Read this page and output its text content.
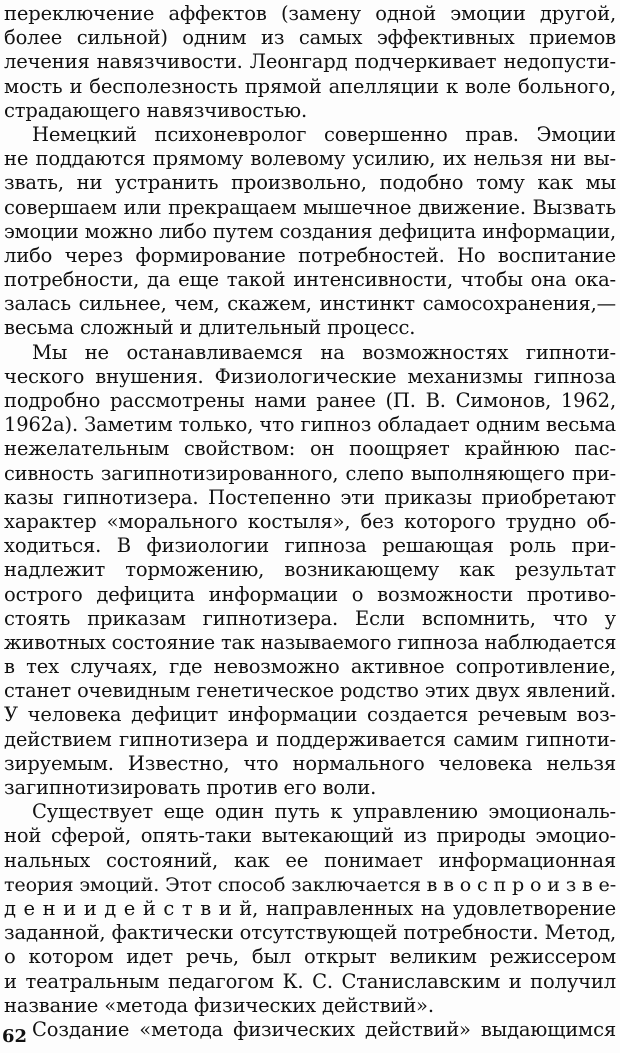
переключение аффектов (замену одной эмоции другой,
более сильной) одним из самых эффективных приемов
лечения навязчивости. Леонгард подчеркивает недопусти-
мость и бесполезность прямой апелляции к воле больного,
страдающего навязчивостью.
Немецкий психоневролог совершенно прав. Эмоции
не поддаются прямому волевому усилию, их нельзя ни вы-
звать, ни устранить произвольно, подобно тому как мы
совершаем или прекращаем мышечное движение. Вызвать
эмоции можно либо путем создания дефицита информации,
либо через формирование потребностей. Но воспитание
потребности, да еще такой интенсивности, чтобы она ока-
залась сильнее, чем, скажем, инстинкт самосохранения,—
весьма сложный и длительный процесс.
Мы не останавливаемся на возможностях гипноти-
ческого внушения. Физиологические механизмы гипноза
подробно рассмотрены нами ранее (П. В. Симонов, 1962,
1962а). Заметим только, что гипноз обладает одним весьма
нежелательным свойством: он поощряет крайнюю пас-
сивность загипнотизированного, слепо выполняющего при-
казы гипнотизера. Постепенно эти приказы приобретают
характер «морального костыля», без которого трудно об-
ходиться. В физиологии гипноза решающая роль при-
надлежит торможению, возникающему как результат
острого дефицита информации о возможности противо-
стоять приказам гипнотизера. Если вспомнить, что у
животных состояние так называемого гипноза наблюдается
в тех случаях, где невозможно активное сопротивление,
станет очевидным генетическое родство этих двух явлений.
У человека дефицит информации создается речевым воз-
действием гипнотизера и поддерживается самим гипноти-
зируемым. Известно, что нормального человека нельзя
загипнотизировать против его воли.
Существует еще один путь к управлению эмоциональ-
ной сферой, опять-таки вытекающий из природы эмоцио-
нальных состояний, как ее понимает информационная
теория эмоций. Этот способ заключается в в о с п р о и з в е-
д е н и и д е й с т в и й, направленных на удовлетворение
заданной, фактически отсутствующей потребности. Метод,
о котором идет речь, был открыт великим режиссером
и театральным педагогом К. С. Станиславским и получил
название «метода физических действий».
Создание «метода физических действий» выдающимся
62
